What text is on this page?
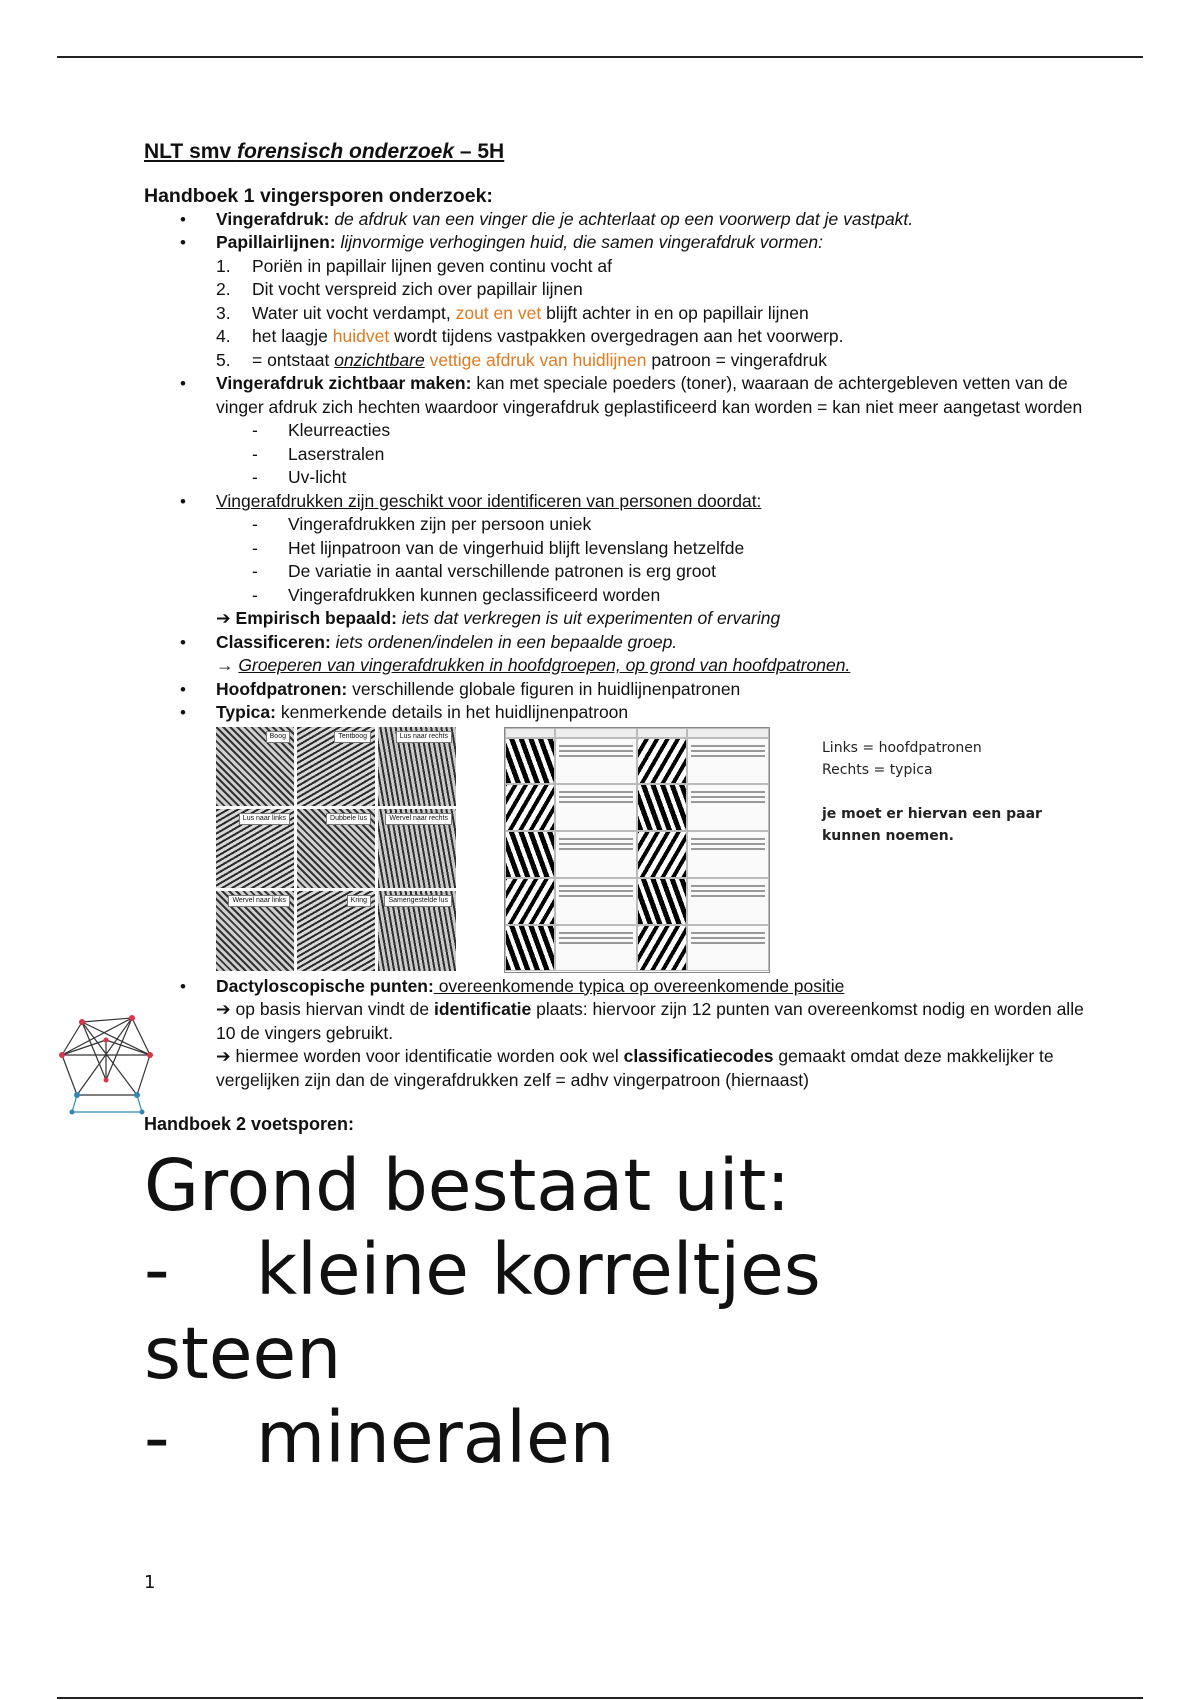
NLT smv forensisch onderzoek – 5H
Handboek 1 vingersporen onderzoek:
• Vingerafdruk: de afdruk van een vinger die je achterlaat op een voorwerp dat je vastpakt.
• Papillairlijnen: lijnvormige verhogingen huid, die samen vingerafdruk vormen:
1. Poriën in papillair lijnen geven continu vocht af
2. Dit vocht verspreid zich over papillair lijnen
3. Water uit vocht verdampt, zout en vet blijft achter in en op papillair lijnen
4. het laagje huidvet wordt tijdens vastpakken overgedragen aan het voorwerp.
5. = ontstaat onzichtbare vettige afdruk van huidlijnen patroon = vingerafdruk
• Vingerafdruk zichtbaar maken: kan met speciale poeders (toner), waaraan de achtergebleven vetten van de vinger afdruk zich hechten waardoor vingerafdruk geplastificeerd kan worden = kan niet meer aangetast worden
- Kleurreacties
- Laserstralen
- Uv-licht
• Vingerafdrukken zijn geschikt voor identificeren van personen doordat:
- Vingerafdrukken zijn per persoon uniek
- Het lijnpatroon van de vingerhuid blijft levenslang hetzelfde
- De variatie in aantal verschillende patronen is erg groot
- Vingerafdrukken kunnen geclassificeerd worden
➔ Empirisch bepaald: iets dat verkregen is uit experimenten of ervaring
• Classificeren: iets ordenen/indelen in een bepaalde groep.
→ Groeperen van vingerafdrukken in hoofdgroepen, op grond van hoofdpatronen.
• Hoofdpatronen: verschillende globale figuren in huidlijnenpatronen
• Typica: kenmerkende details in het huidlijnenpatroon
Boog	Tentboog	Lus naar rechts
Lus naar links	Dubbele lus	Wervel naar rechts
Wervel naar links	Kring	Samengestelde lus
Links = hoofdpatronen
Rechts = typica
je moet er hiervan een paar kunnen noemen.
• Dactyloscopische punten: overeenkomende typica op overeenkomende positie
➔ op basis hiervan vindt de identificatie plaats: hiervoor zijn 12 punten van overeenkomst nodig en worden alle 10 de vingers gebruikt.
➔ hiermee worden voor identificatie worden ook wel classificatiecodes gemaakt omdat deze makkelijker te vergelijken zijn dan de vingerafdrukken zelf = adhv vingerpatroon (hiernaast)
Handboek 2 voetsporen:
Grond bestaat uit:
- kleine korreltjes
steen
- mineralen
1
